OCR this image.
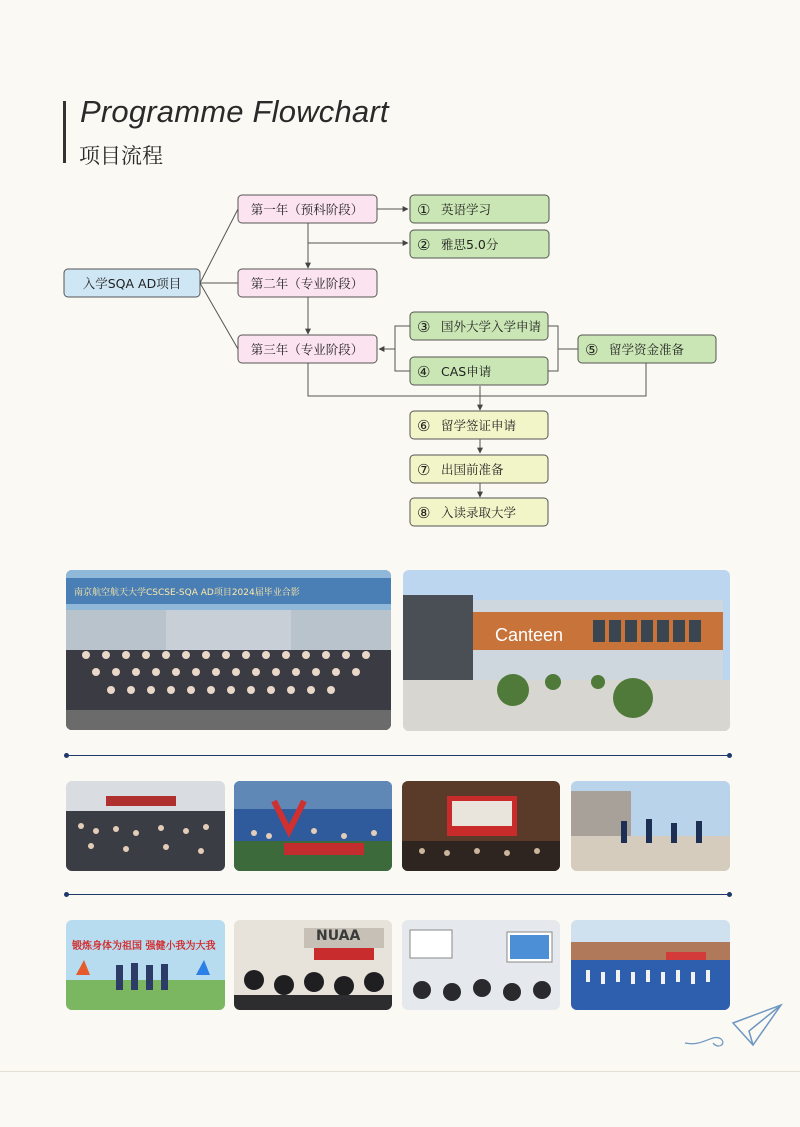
Programme Flowchart
项目流程
入学SQA AD项目
第一年（预科阶段）
第二年（专业阶段）
第三年（专业阶段）
① 英语学习
② 雅思5.0分
③ 国外大学入学申请
④ CAS申请
⑤ 留学资金准备
⑥ 留学签证申请
⑦ 出国前准备
⑧ 入读录取大学
南京航空航天大学CSCSE-SQA AD项目2024届毕业合影
Canteen
锻炼身体为祖国 强健小我为大我
NUAA
